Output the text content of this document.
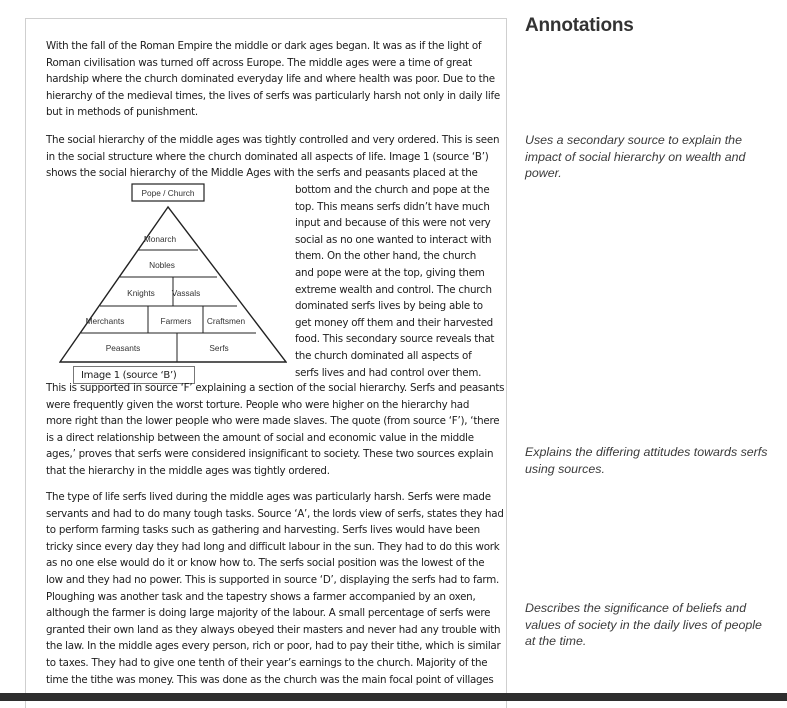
With the fall of the Roman Empire the middle or dark ages began. It was as if the light of
Roman civilisation was turned off across Europe. The middle ages were a time of great
hardship where the church dominated everyday life and where health was poor. Due to the
hierarchy of the medieval times, the lives of serfs was particularly harsh not only in daily life
but in methods of punishment.

The social hierarchy of the middle ages was tightly controlled and very ordered. This is seen
in the social structure where the church dominated all aspects of life. Image 1 (source ‘B’)
shows the social hierarchy of the Middle Ages with the serfs and peasants placed at the

bottom and the church and pope at the
top. This means serfs didn’t have much
input and because of this were not very
social as no one wanted to interact with
them. On the other hand, the church
and pope were at the top, giving them
extreme wealth and control. The church
dominated serfs lives by being able to
get money off them and their harvested
food. This secondary source reveals that
the church dominated all aspects of
serfs lives and had control over them.

Pope / Church
Monarch
Nobles
Knights Vassals
Merchants	Farmers Craftsmen
Peasants	Serfs
Image 1 (source ‘B’)

This is supported in source ‘F’ explaining a section of the social hierarchy. Serfs and peasants
were frequently given the worst torture. People who were higher on the hierarchy had
more right than the lower people who were made slaves. The quote (from source ‘F’), ‘there
is a direct relationship between the amount of social and economic value in the middle
ages,’ proves that serfs were considered insignificant to society. These two sources explain
that the hierarchy in the middle ages was tightly ordered.

The type of life serfs lived during the middle ages was particularly harsh. Serfs were made
servants and had to do many tough tasks. Source ‘A’, the lords view of serfs, states they had
to perform farming tasks such as gathering and harvesting. Serfs lives would have been
tricky since every day they had long and difficult labour in the sun. They had to do this work
as no one else would do it or know how to. The serfs social position was the lowest of the
low and they had no power. This is supported in source ‘D’, displaying the serfs had to farm.
Ploughing was another task and the tapestry shows a farmer accompanied by an oxen,
although the farmer is doing large majority of the labour. A small percentage of serfs were
granted their own land as they always obeyed their masters and never had any trouble with
the law. In the middle ages every person, rich or poor, had to pay their tithe, which is similar
to taxes. They had to give one tenth of their year’s earnings to the church. Majority of the
time the tithe was money. This was done as the church was the main focal point of villages

Annotations

Uses a secondary source to explain the impact of social hierarchy on wealth and power.

Explains the differing attitudes towards serfs using sources.

Describes the significance of beliefs and values of society in the daily lives of people at the time.
